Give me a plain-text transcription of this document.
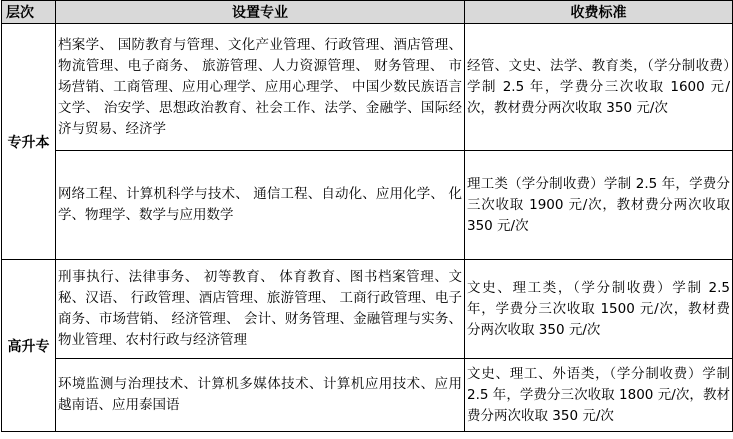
层次	设置专业	收费标准
专升本	档案学、 国防教育与管理、文化产业管理、行政管理、酒店管理、物流管理、电子商务、 旅游管理、人力资源管理、 财务管理、 市场营销、工商管理、应用心理学、应用心理学、 中国少数民族语言文学、 治安学、思想政治教育、社会工作、法学、金融学、国际经济与贸易、经济学	经管、文史、法学、教育类，（学分制收费）学制 2.5 年，学费分三次收取 1600 元/次，教材费分两次收取 350 元/次
	网络工程、计算机科学与技术、 通信工程、自动化、应用化学、 化学、物理学、数学与应用数学	理工类（学分制收费）学制 2.5 年，学费分三次收取 1900 元/次，教材费分两次收取 350 元/次
高升专	刑事执行、法律事务、 初等教育、 体育教育、图书档案管理、文秘、汉语、 行政管理、酒店管理、旅游管理、 工商行政管理、电子商务、市场营销、 经济管理、 会计、财务管理、金融管理与实务、物业管理、农村行政与经济管理	文史、理工类，（学分制收费）学制 2.5 年，学费分三次收取 1500 元/次，教材费分两次收取 350 元/次
	环境监测与治理技术、计算机多媒体技术、计算机应用技术、应用越南语、应用泰国语	文史、理工、外语类，（学分制收费）学制 2.5 年，学费分三次收取 1800 元/次，教材费分两次收取 350 元/次
